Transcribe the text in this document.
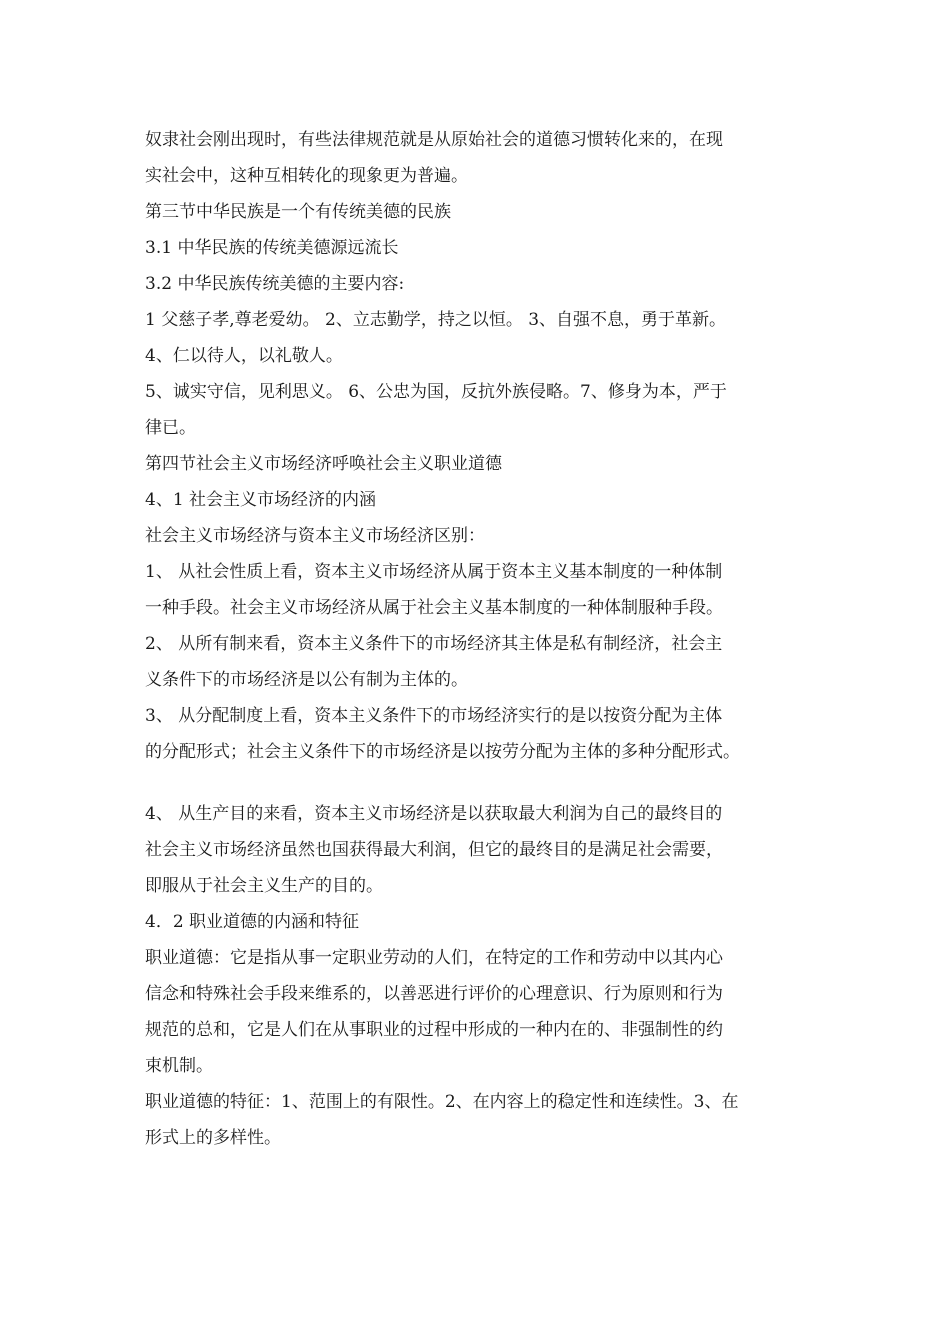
奴隶社会刚出现时，有些法律规范就是从原始社会的道德习惯转化来的，在现
实社会中，这种互相转化的现象更为普遍。
第三节中华民族是一个有传统美德的民族
3.1 中华民族的传统美德源远流长
3.2 中华民族传统美德的主要内容:
1 父慈子孝,尊老爱幼。 2、立志勤学，持之以恒。 3、自强不息，勇于革新。
4、仁以待人，以礼敬人。
5、诚实守信，见利思义。 6、公忠为国，反抗外族侵略。7、修身为本，严于
律已。
第四节社会主义市场经济呼唤社会主义职业道德
4、1 社会主义市场经济的内涵
社会主义市场经济与资本主义市场经济区别：
1、 从社会性质上看，资本主义市场经济从属于资本主义基本制度的一种体制
一种手段。社会主义市场经济从属于社会主义基本制度的一种体制服种手段。
2、 从所有制来看，资本主义条件下的市场经济其主体是私有制经济，社会主
义条件下的市场经济是以公有制为主体的。
3、 从分配制度上看，资本主义条件下的市场经济实行的是以按资分配为主体
的分配形式；社会主义条件下的市场经济是以按劳分配为主体的多种分配形式。
4、 从生产目的来看，资本主义市场经济是以获取最大利润为自己的最终目的
社会主义市场经济虽然也国获得最大利润，但它的最终目的是满足社会需要，
即服从于社会主义生产的目的。
4．2 职业道德的内涵和特征
职业道德：它是指从事一定职业劳动的人们，在特定的工作和劳动中以其内心
信念和特殊社会手段来维系的，以善恶进行评价的心理意识、行为原则和行为
规范的总和，它是人们在从事职业的过程中形成的一种内在的、非强制性的约
束机制。
职业道德的特征：1、范围上的有限性。2、在内容上的稳定性和连续性。3、在
形式上的多样性。
